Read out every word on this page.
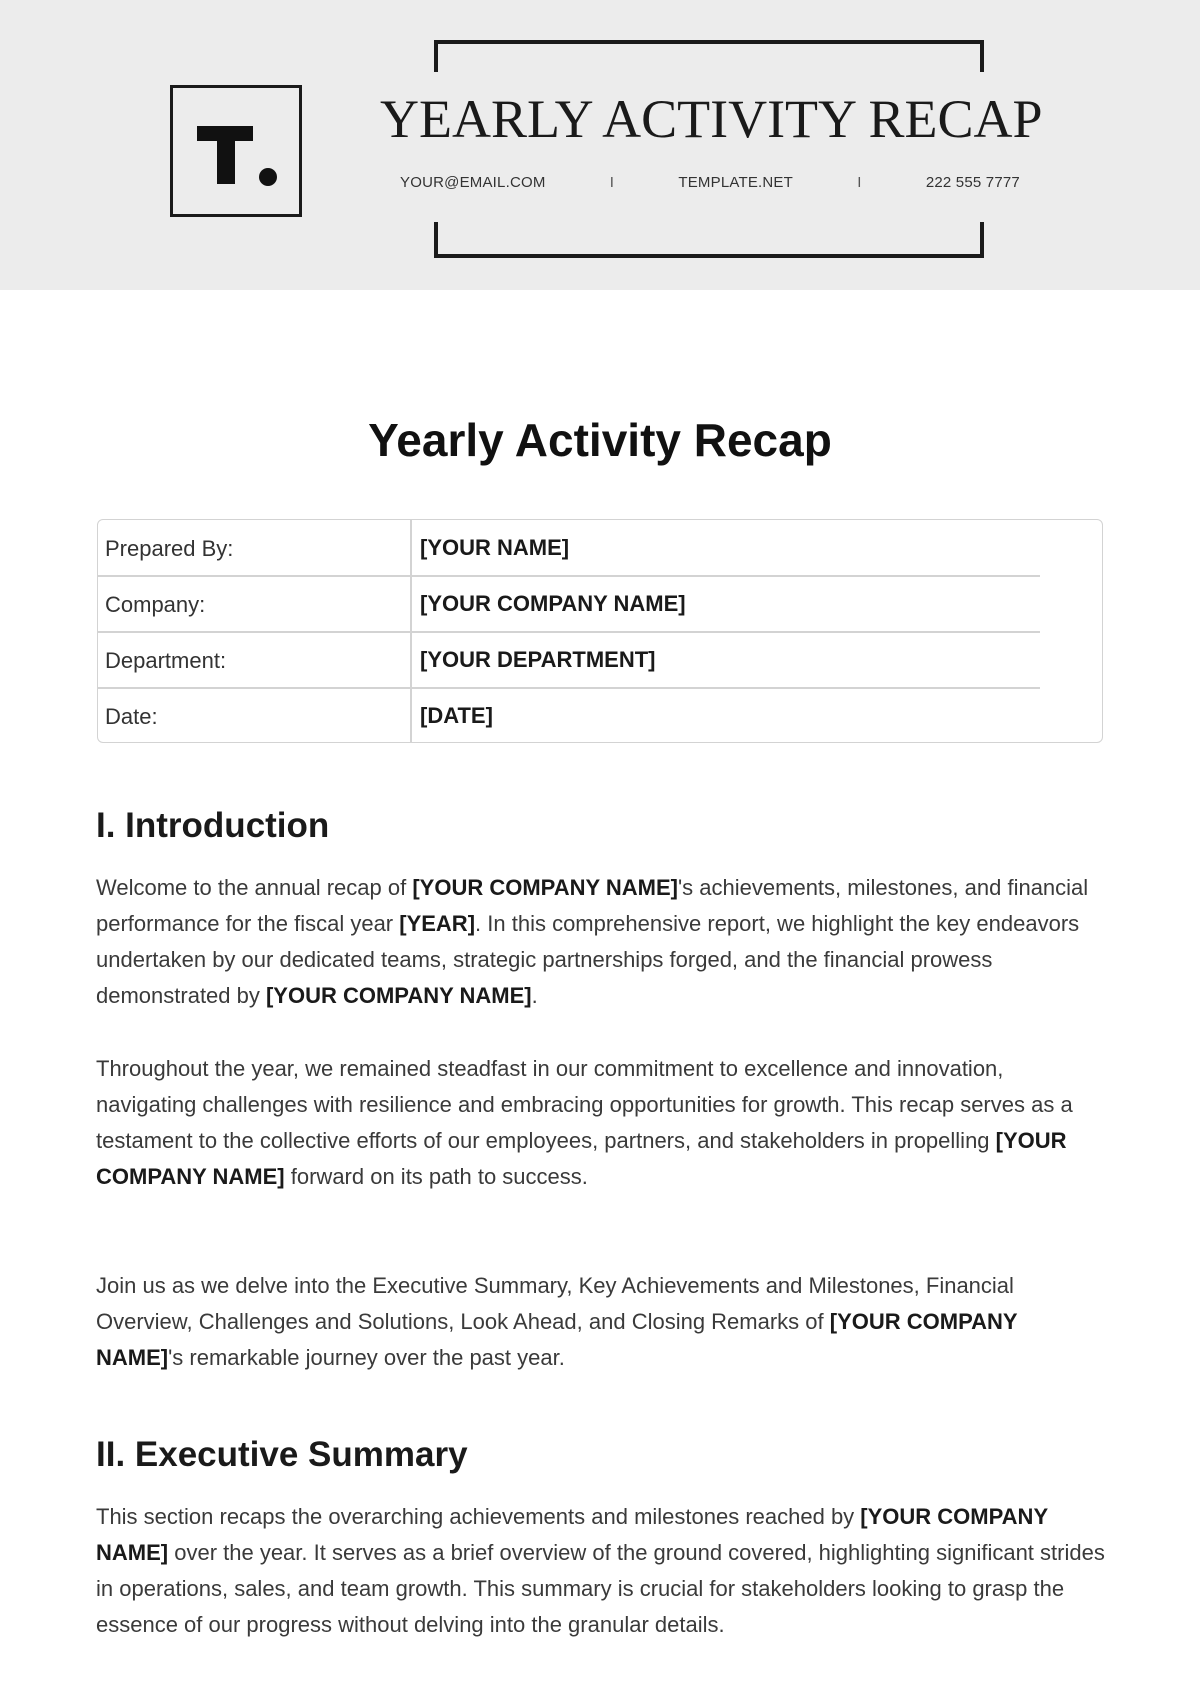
YEARLY ACTIVITY RECAP
YOUR@EMAIL.COM	I	TEMPLATE.NET	I	222 555 7777
Yearly Activity Recap
Prepared By:	[YOUR NAME]
Company:	[YOUR COMPANY NAME]
Department:	[YOUR DEPARTMENT]
Date:	[DATE]
I. Introduction
Welcome to the annual recap of [YOUR COMPANY NAME]'s achievements, milestones, and financial performance for the fiscal year [YEAR]. In this comprehensive report, we highlight the key endeavors undertaken by our dedicated teams, strategic partnerships forged, and the financial prowess demonstrated by [YOUR COMPANY NAME].
Throughout the year, we remained steadfast in our commitment to excellence and innovation, navigating challenges with resilience and embracing opportunities for growth. This recap serves as a testament to the collective efforts of our employees, partners, and stakeholders in propelling [YOUR COMPANY NAME] forward on its path to success.
Join us as we delve into the Executive Summary, Key Achievements and Milestones, Financial Overview, Challenges and Solutions, Look Ahead, and Closing Remarks of [YOUR COMPANY NAME]'s remarkable journey over the past year.
II. Executive Summary
This section recaps the overarching achievements and milestones reached by [YOUR COMPANY NAME] over the year. It serves as a brief overview of the ground covered, highlighting significant strides in operations, sales, and team growth. This summary is crucial for stakeholders looking to grasp the essence of our progress without delving into the granular details.
